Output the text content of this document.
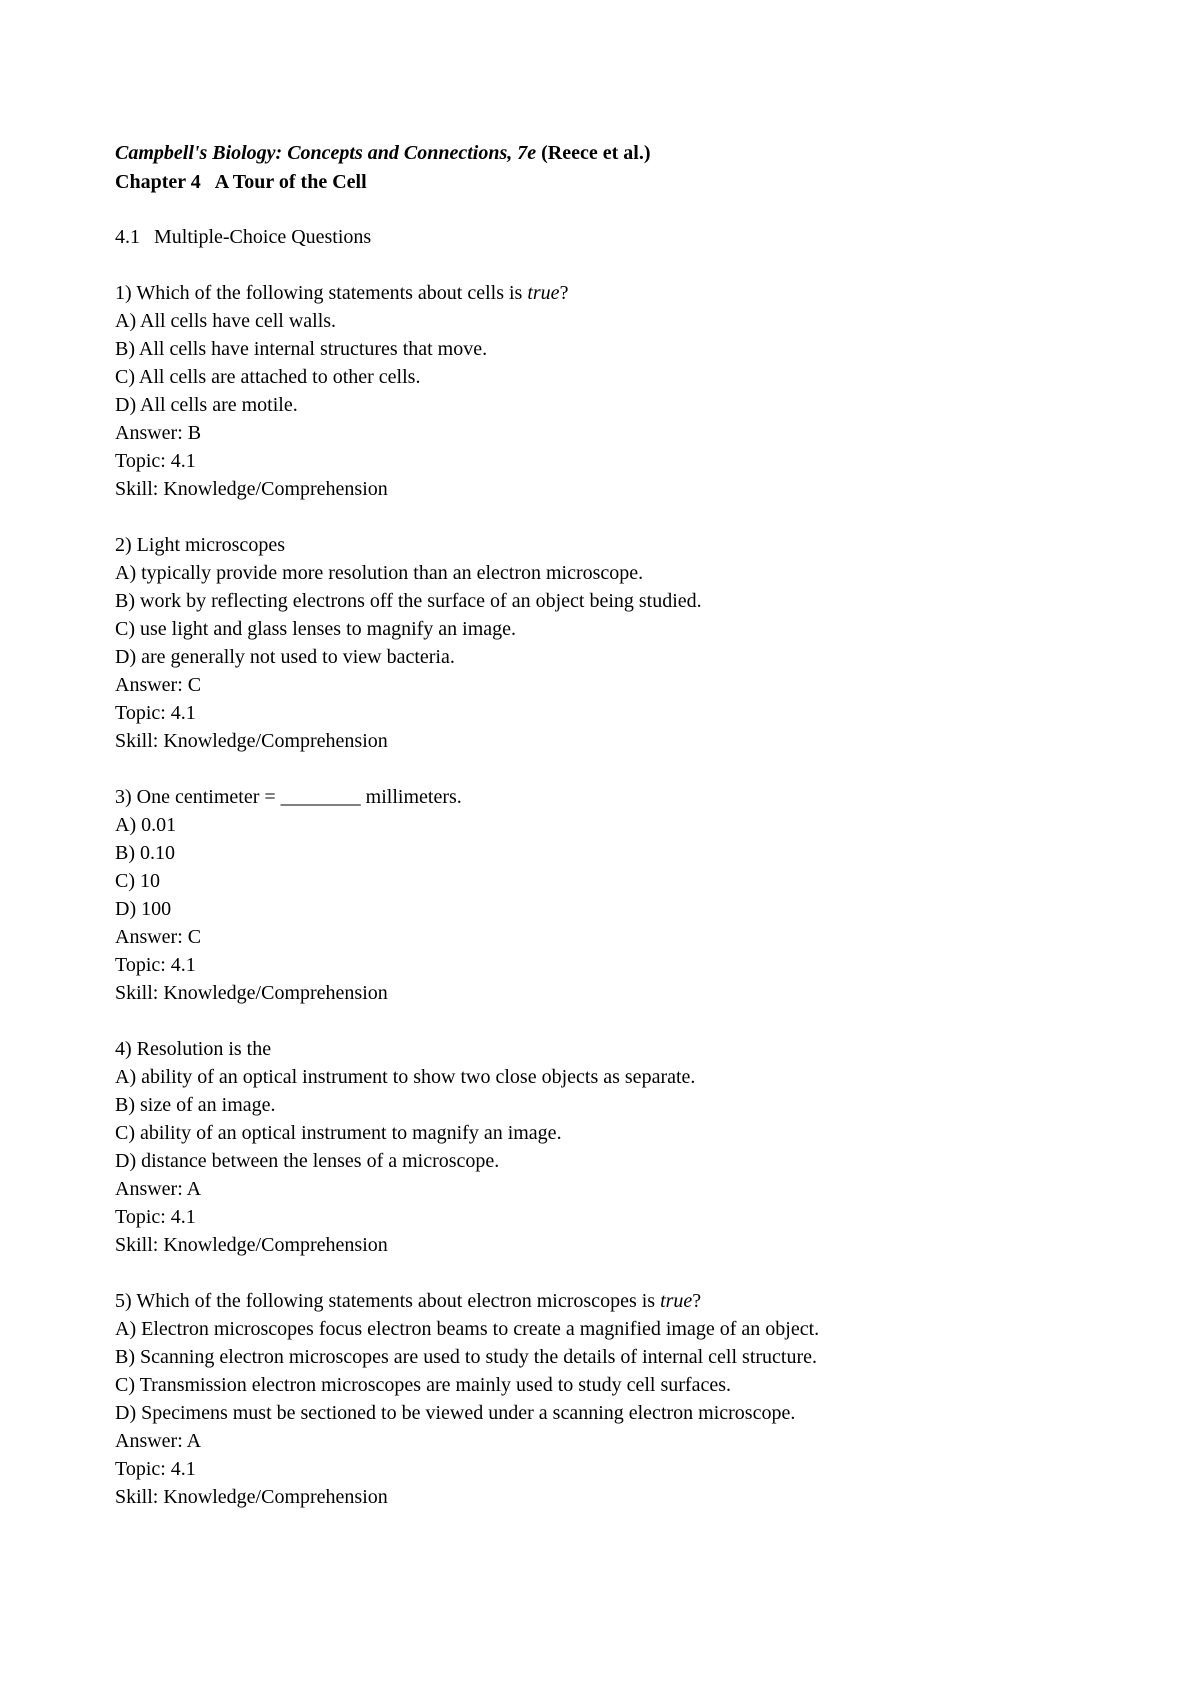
Campbell's Biology: Concepts and Connections, 7e (Reece et al.)

Chapter 4 A Tour of the Cell

4.1 Multiple-Choice Questions

1) Which of the following statements about cells is true?
A) All cells have cell walls.
B) All cells have internal structures that move.
C) All cells are attached to other cells.
D) All cells are motile.
Answer: B
Topic: 4.1
Skill: Knowledge/Comprehension
2) Light microscopes
A) typically provide more resolution than an electron microscope.
B) work by reflecting electrons off the surface of an object being studied.
C) use light and glass lenses to magnify an image.
D) are generally not used to view bacteria.
Answer: C
Topic: 4.1
Skill: Knowledge/Comprehension
3) One centimeter = ________ millimeters.
A) 0.01
B) 0.10
C) 10
D) 100
Answer: C
Topic: 4.1
Skill: Knowledge/Comprehension
4) Resolution is the
A) ability of an optical instrument to show two close objects as separate.
B) size of an image.
C) ability of an optical instrument to magnify an image.
D) distance between the lenses of a microscope.
Answer: A
Topic: 4.1
Skill: Knowledge/Comprehension
5) Which of the following statements about electron microscopes is true?
A) Electron microscopes focus electron beams to create a magnified image of an object.
B) Scanning electron microscopes are used to study the details of internal cell structure.
C) Transmission electron microscopes are mainly used to study cell surfaces.
D) Specimens must be sectioned to be viewed under a scanning electron microscope.
Answer: A
Topic: 4.1
Skill: Knowledge/Comprehension
